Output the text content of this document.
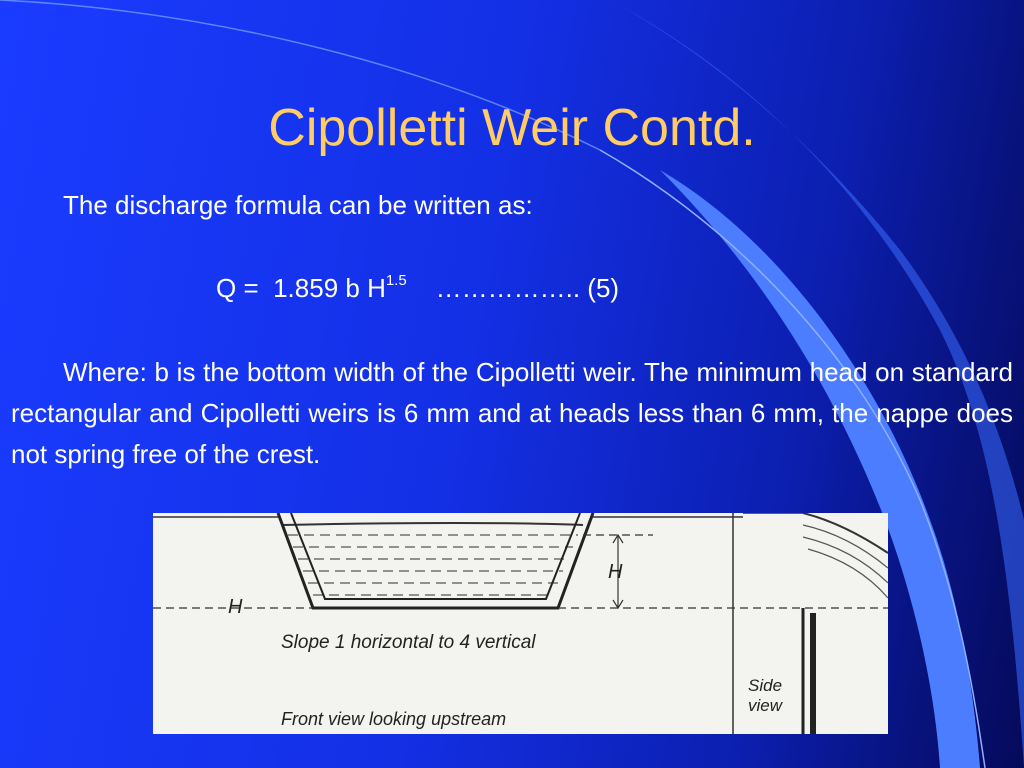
Cipolletti Weir Contd.
The discharge formula can be written as:
Q = 1.859 b $H^{1.5}$ …………….. (5)
Where: b is the bottom width of the Cipolletti weir. The minimum head on standard rectangular and Cipolletti weirs is 6 mm and at heads less than 6 mm, the nappe does not spring free of the crest.
H
H
Slope 1 horizontal to 4 vertical
Front view looking upstream
Side
view
